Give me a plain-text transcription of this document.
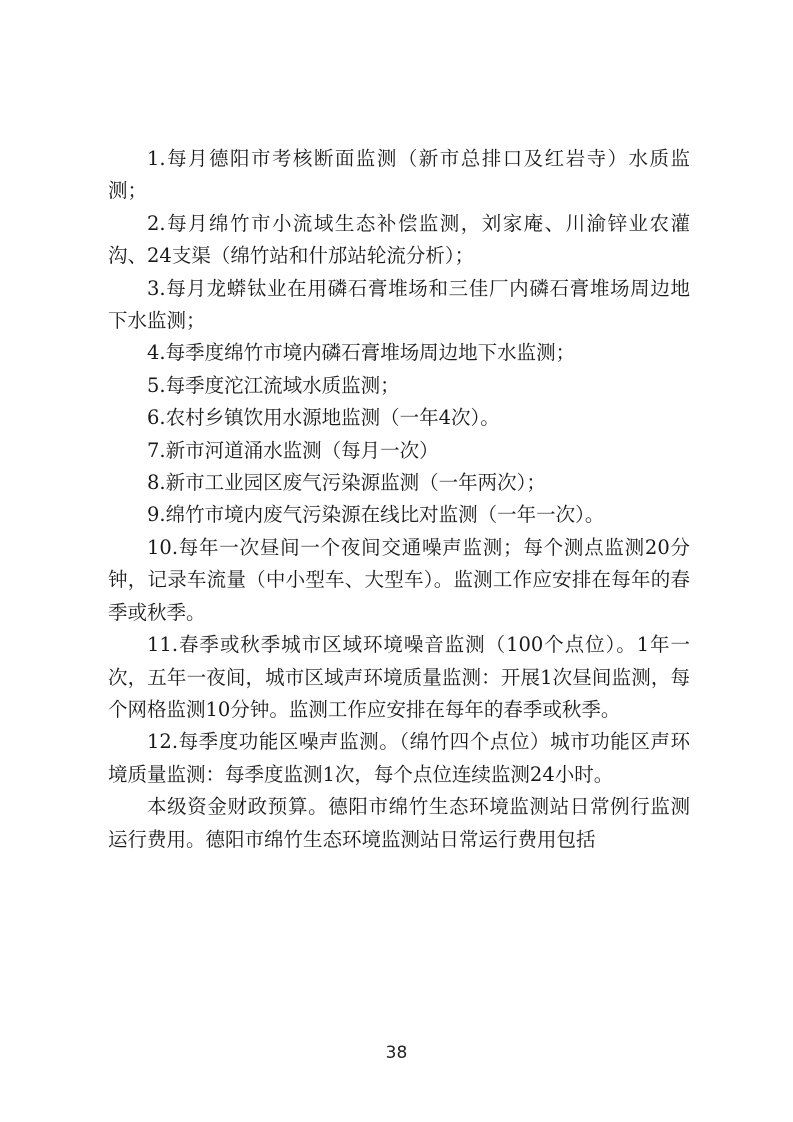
1.每月德阳市考核断面监测（新市总排口及红岩寺）水质监测；

2.每月绵竹市小流域生态补偿监测，刘家庵、川渝锌业农灌沟、24支渠（绵竹站和什邡站轮流分析）；

3.每月龙蟒钛业在用磷石膏堆场和三佳厂内磷石膏堆场周边地下水监测；

4.每季度绵竹市境内磷石膏堆场周边地下水监测；

5.每季度沱江流域水质监测；

6.农村乡镇饮用水源地监测（一年4次）。

7.新市河道涌水监测（每月一次）

8.新市工业园区废气污染源监测（一年两次）；

9.绵竹市境内废气污染源在线比对监测（一年一次）。

10.每年一次昼间一个夜间交通噪声监测；每个测点监测20分钟，记录车流量（中小型车、大型车）。监测工作应安排在每年的春季或秋季。

11.春季或秋季城市区域环境噪音监测（100个点位）。1年一次，五年一夜间，城市区域声环境质量监测：开展1次昼间监测，每个网格监测10分钟。监测工作应安排在每年的春季或秋季。

12.每季度功能区噪声监测。（绵竹四个点位）城市功能区声环境质量监测：每季度监测1次，每个点位连续监测24小时。

本级资金财政预算。德阳市绵竹生态环境监测站日常例行监测运行费用。德阳市绵竹生态环境监测站日常运行费用包括

38
